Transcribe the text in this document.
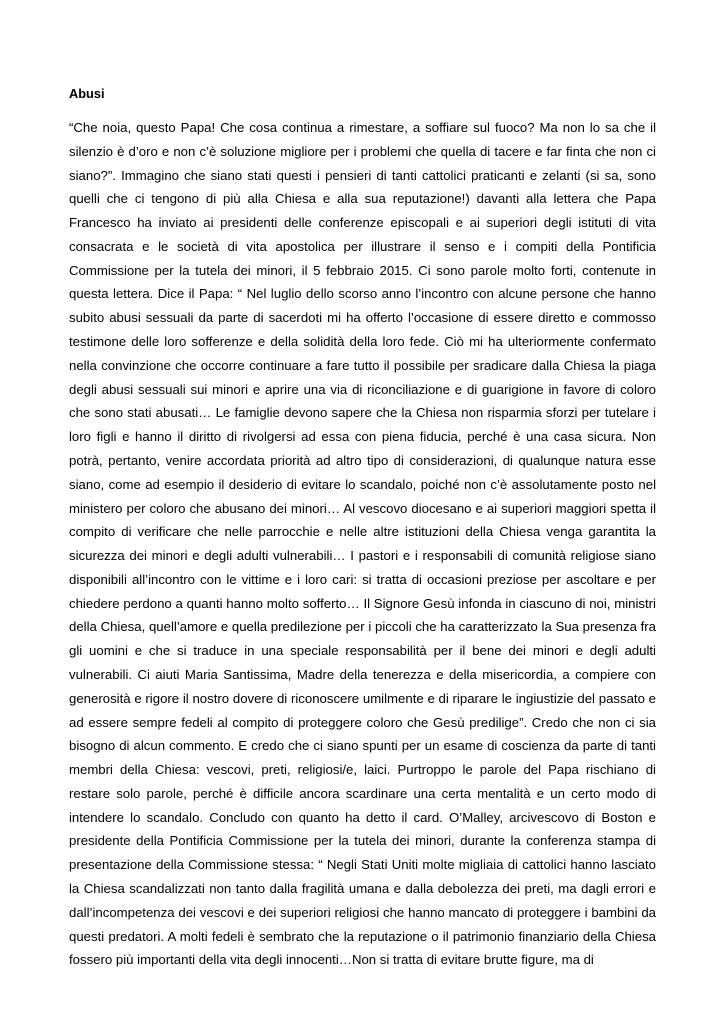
Abusi

“Che noia, questo Papa! Che cosa continua a rimestare, a soffiare sul fuoco? Ma non lo sa che il silenzio è d’oro e non c’è soluzione migliore per i problemi che quella di tacere e far finta che non ci siano?”. Immagino che siano stati questi i pensieri di tanti cattolici praticanti e zelanti (si sa, sono quelli che ci tengono di più alla Chiesa e alla sua reputazione!) davanti alla lettera che Papa Francesco ha inviato ai presidenti delle conferenze episcopali e ai superiori degli istituti di vita consacrata e le società di vita apostolica per illustrare il senso e i compiti della Pontificia Commissione per la tutela dei minori, il 5 febbraio 2015. Ci sono parole molto forti, contenute in questa lettera. Dice il Papa: “ Nel luglio dello scorso anno l’incontro con alcune persone che hanno subito abusi sessuali da parte di sacerdoti mi ha offerto l’occasione di essere diretto e commosso testimone delle loro sofferenze e della solidità della loro fede. Ciò mi ha ulteriormente confermato nella convinzione che occorre continuare a fare tutto il possibile per sradicare dalla Chiesa la piaga degli abusi sessuali sui minori e aprire una via di riconciliazione e di guarigione in favore di coloro che sono stati abusati… Le famiglie devono sapere che la Chiesa non risparmia sforzi per tutelare i loro figli e hanno il diritto di rivolgersi ad essa con piena fiducia, perché è una casa sicura. Non potrà, pertanto, venire accordata priorità ad altro tipo di considerazioni, di qualunque natura esse siano, come ad esempio il desiderio di evitare lo scandalo, poiché non c’è assolutamente posto nel ministero per coloro che abusano dei minori… Al vescovo diocesano e ai superiori maggiori spetta il compito di verificare che nelle parrocchie e nelle altre istituzioni della Chiesa venga garantita la sicurezza dei minori e degli adulti vulnerabili… I pastori e i responsabili di comunità religiose siano disponibili all’incontro con le vittime e i loro cari: si tratta di occasioni preziose per ascoltare e per chiedere perdono a quanti hanno molto sofferto… Il Signore Gesù infonda in ciascuno di noi, ministri della Chiesa, quell’amore e quella predilezione per i piccoli che ha caratterizzato la Sua presenza fra gli uomini e che si traduce in una speciale responsabilità per il bene dei minori e degli adulti vulnerabili. Ci aiuti Maria Santissima, Madre della tenerezza e della misericordia, a compiere con generosità e rigore il nostro dovere di riconoscere umilmente e di riparare le ingiustizie del passato e ad essere sempre fedeli al compito di proteggere coloro che Gesù predilige”. Credo che non ci sia bisogno di alcun commento. E credo che ci siano spunti per un esame di coscienza da parte di tanti membri della Chiesa: vescovi, preti, religiosi/e, laici. Purtroppo le parole del Papa rischiano di restare solo parole, perché è difficile ancora scardinare una certa mentalità e un certo modo di intendere lo scandalo. Concludo con quanto ha detto il card. O’Malley, arcivescovo di Boston e presidente della Pontificia Commissione per la tutela dei minori, durante la conferenza stampa di presentazione della Commissione stessa: “ Negli Stati Uniti molte migliaia di cattolici hanno lasciato la Chiesa scandalizzati non tanto dalla fragilità umana e dalla debolezza dei preti, ma dagli errori e dall’incompetenza dei vescovi e dei superiori religiosi che hanno mancato di proteggere i bambini da questi predatori. A molti fedeli è sembrato che la reputazione o il patrimonio finanziario della Chiesa fossero più importanti della vita degli innocenti…Non si tratta di evitare brutte figure, ma di
